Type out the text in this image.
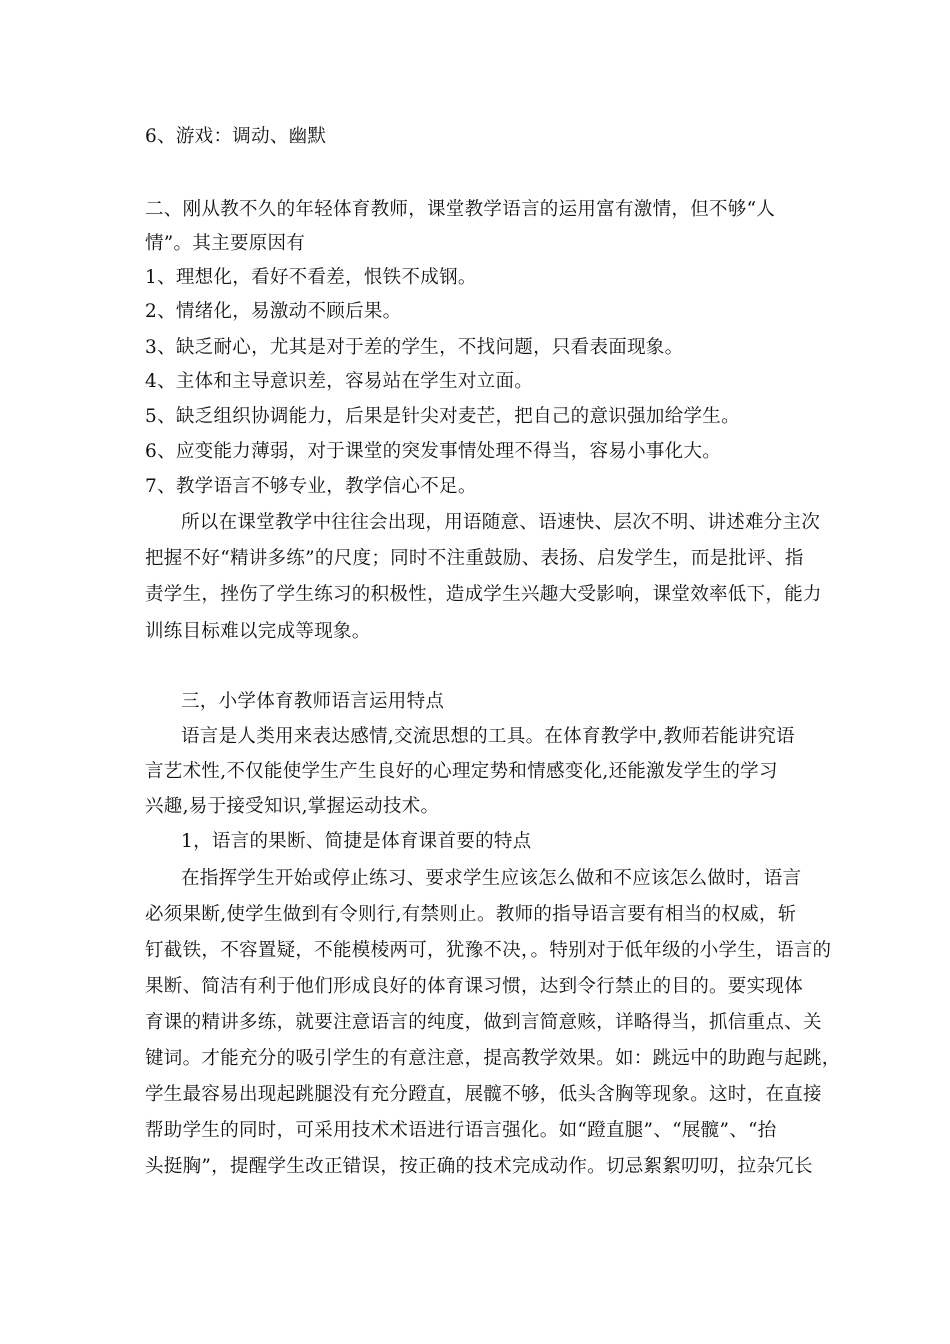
6、游戏：调动、幽默
二、刚从教不久的年轻体育教师，课堂教学语言的运用富有激情，但不够“人
情”。其主要原因有
1、理想化，看好不看差，恨铁不成钢。
2、情绪化，易激动不顾后果。
3、缺乏耐心，尤其是对于差的学生，不找问题，只看表面现象。
4、主体和主导意识差，容易站在学生对立面。
5、缺乏组织协调能力，后果是针尖对麦芒，把自己的意识强加给学生。
6、应变能力薄弱，对于课堂的突发事情处理不得当，容易小事化大。
7、教学语言不够专业，教学信心不足。
所以在课堂教学中往往会出现，用语随意、语速快、层次不明、讲述难分主次
把握不好“精讲多练”的尺度；同时不注重鼓励、表扬、启发学生，而是批评、指
责学生，挫伤了学生练习的积极性，造成学生兴趣大受影响，课堂效率低下，能力
训练目标难以完成等现象。
三，小学体育教师语言运用特点
语言是人类用来表达感情,交流思想的工具。在体育教学中,教师若能讲究语
言艺术性,不仅能使学生产生良好的心理定势和情感变化,还能激发学生的学习
兴趣,易于接受知识,掌握运动技术。
1，语言的果断、简捷是体育课首要的特点
在指挥学生开始或停止练习、要求学生应该怎么做和不应该怎么做时，语言
必须果断,使学生做到有令则行,有禁则止。教师的指导语言要有相当的权威，斩
钉截铁，不容置疑，不能模棱两可，犹豫不决，。特别对于低年级的小学生，语言的
果断、简洁有利于他们形成良好的体育课习惯，达到令行禁止的目的。要实现体
育课的精讲多练，就要注意语言的纯度，做到言简意赅，详略得当，抓信重点、关
键词。才能充分的吸引学生的有意注意，提高教学效果。如：跳远中的助跑与起跳，
学生最容易出现起跳腿没有充分蹬直，展髋不够，低头含胸等现象。这时，在直接
帮助学生的同时，可采用技术术语进行语言强化。如“蹬直腿”、“展髋”、“抬
头挺胸”，提醒学生改正错误，按正确的技术完成动作。切忌絮絮叨叨，拉杂冗长
